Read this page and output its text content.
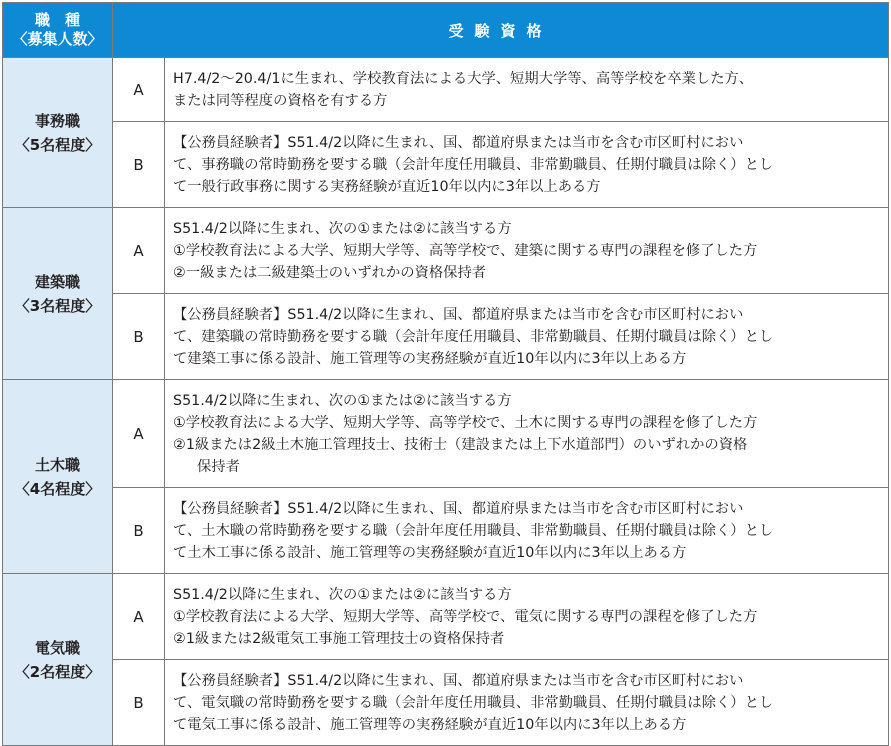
職　種
〈募集人数〉	受験資格	

事務職
〈5名程度〉	A	H7.4/2〜20.4/1に生まれ、学校教育法による大学、短期大学等、高等学校を卒業した方、
または同等程度の資格を有する方

	B	【公務員経験者】S51.4/2以降に生まれ、国、都道府県または当市を含む市区町村におい
て、事務職の常時勤務を要する職（会計年度任用職員、非常勤職員、任期付職員は除く）とし
て一般行政事務に関する実務経験が直近10年以内に3年以上ある方

建築職
〈3名程度〉	A	S51.4/2以降に生まれ、次の①または②に該当する方
①学校教育法による大学、短期大学等、高等学校で、建築に関する専門の課程を修了した方
②一級または二級建築士のいずれかの資格保持者

	B	【公務員経験者】S51.4/2以降に生まれ、国、都道府県または当市を含む市区町村におい
て、建築職の常時勤務を要する職（会計年度任用職員、非常勤職員、任期付職員は除く）とし
て建築工事に係る設計、施工管理等の実務経験が直近10年以内に3年以上ある方

土木職
〈4名程度〉	A	S51.4/2以降に生まれ、次の①または②に該当する方
①学校教育法による大学、短期大学等、高等学校で、土木に関する専門の課程を修了した方
②1級または2級土木施工管理技士、技術士（建設または上下水道部門）のいずれかの資格
保持者

	B	【公務員経験者】S51.4/2以降に生まれ、国、都道府県または当市を含む市区町村におい
て、土木職の常時勤務を要する職（会計年度任用職員、非常勤職員、任期付職員は除く）とし
て土木工事に係る設計、施工管理等の実務経験が直近10年以内に3年以上ある方

電気職
〈2名程度〉	A	S51.4/2以降に生まれ、次の①または②に該当する方
①学校教育法による大学、短期大学等、高等学校で、電気に関する専門の課程を修了した方
②1級または2級電気工事施工管理技士の資格保持者

	B	【公務員経験者】S51.4/2以降に生まれ、国、都道府県または当市を含む市区町村におい
て、電気職の常時勤務を要する職（会計年度任用職員、非常勤職員、任期付職員は除く）とし
て電気工事に係る設計、施工管理等の実務経験が直近10年以内に3年以上ある方
